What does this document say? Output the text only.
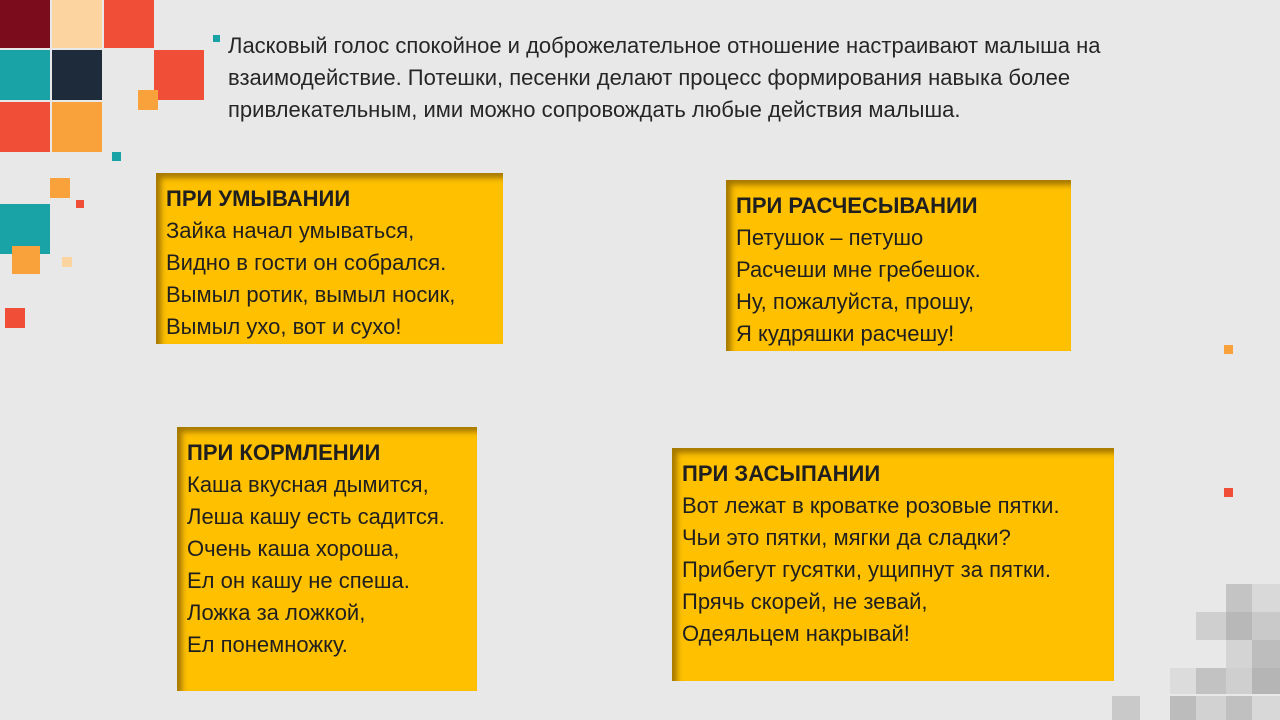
Ласковый голос спокойное и доброжелательное отношение настраивают малыша на взаимодействие. Потешки, песенки делают процесс формирования навыка более привлекательным, ими можно сопровождать любые действия малыша.
ПРИ УМЫВАНИИ
Зайка начал умываться,
Видно в гости он собрался.
Вымыл ротик, вымыл носик,
Вымыл ухо, вот и сухо!
ПРИ РАСЧЕСЫВАНИИ
Петушок – петушо
Расчеши мне гребешок.
Ну, пожалуйста, прошу,
Я кудряшки расчешу!
ПРИ КОРМЛЕНИИ
Каша вкусная дымится,
Леша кашу есть садится.
Очень каша хороша,
Ел он кашу не спеша.
Ложка за ложкой,
Ел понемножку.
ПРИ ЗАСЫПАНИИ
Вот лежат в кроватке розовые пятки.
Чьи это пятки, мягки да сладки?
Прибегут гусятки, ущипнут за пятки.
Прячь скорей, не зевай,
Одеяльцем накрывай!
